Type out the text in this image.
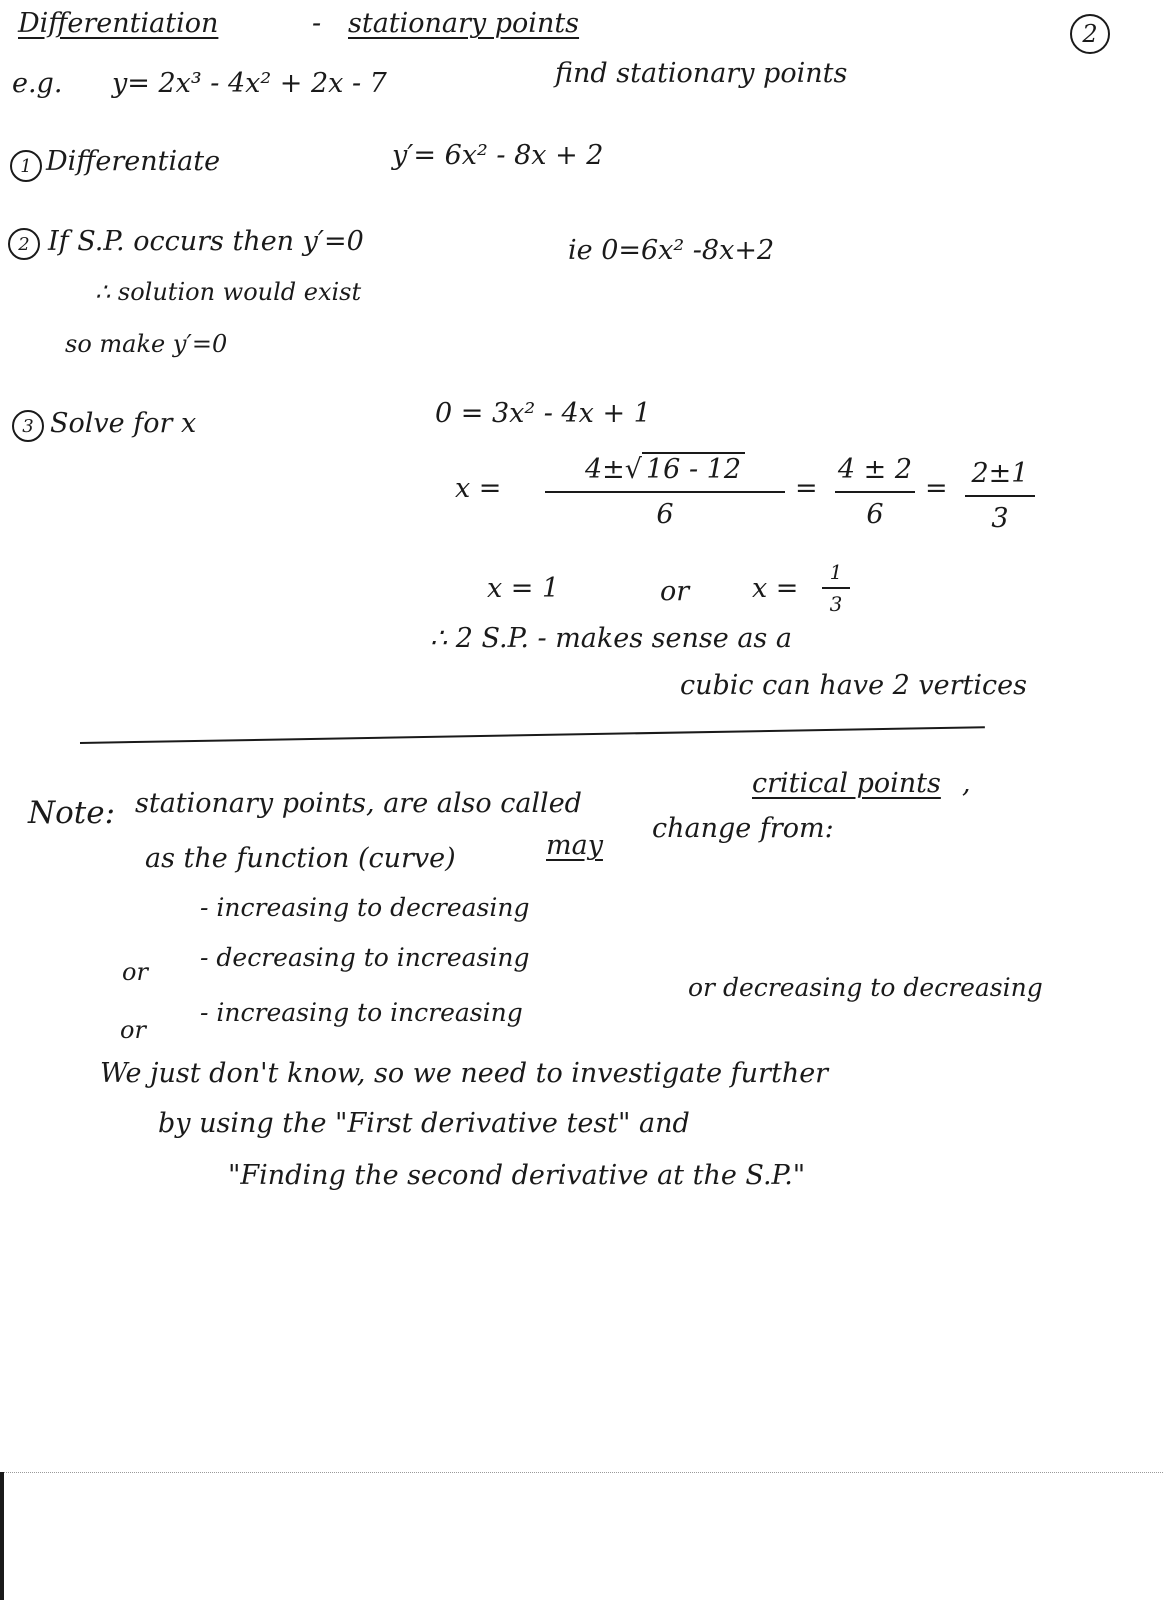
Differentiation	- stationary points	2
e.g. y= 2x³ - 4x² + 2x - 7	find stationary points
1 Differentiate	y′= 6x² - 8x + 2
2 If S.P. occurs then y′=0
∴ solution would exist
so make y′=0
ie 0=6x² -8x+2
3 Solve for x	0 = 3x² - 4x + 1
x =
4±√ 16 - 12
6
=
4 ± 2
6
= 2±1
3
x = 1	or x =
1
3
∴ 2 S.P. - makes sense as a
cubic can have 2 vertices
Note: stationary points, are also called
critical points ,
as the function (curve)	may
change from:
- increasing to decreasing
or - decreasing to increasing
or
- increasing to increasing
or decreasing to decreasing
We just don't know, so we need to investigate further
by using the "First derivative test" and
"Finding the second derivative at the S.P."
